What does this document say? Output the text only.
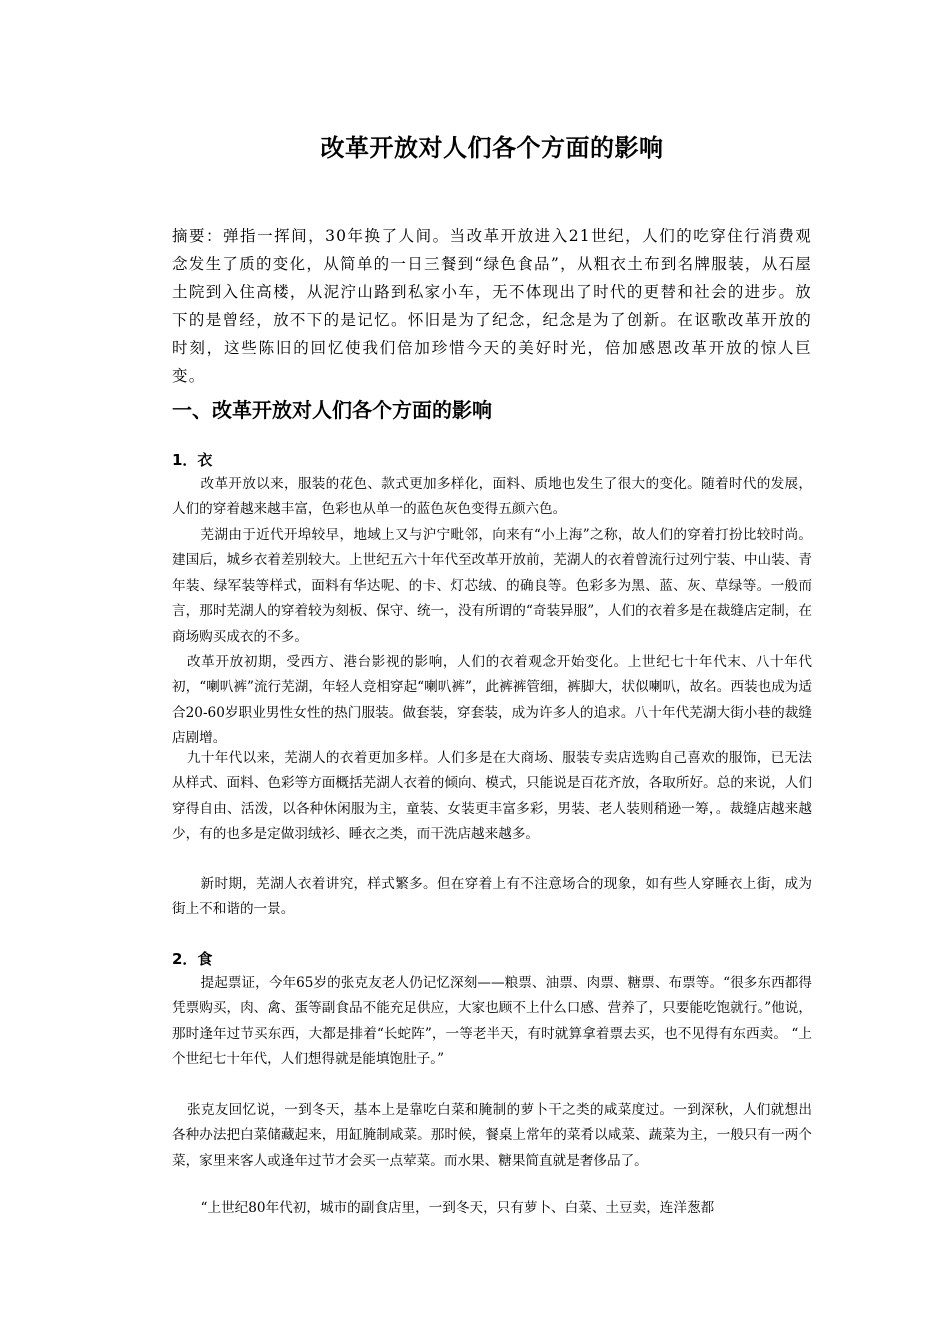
改革开放对人们各个方面的影响
摘要：弹指一挥间，30年换了人间。当改革开放进入21世纪，人们的吃穿住行消费观念发生了质的变化，从简单的一日三餐到“绿色食品”，从粗衣土布到名牌服装，从石屋土院到入住高楼，从泥泞山路到私家小车，无不体现出了时代的更替和社会的进步。放下的是曾经，放不下的是记忆。怀旧是为了纪念，纪念是为了创新。在讴歌改革开放的时刻，这些陈旧的回忆使我们倍加珍惜今天的美好时光，倍加感恩改革开放的惊人巨变。
一、改革开放对人们各个方面的影响
1．衣
改革开放以来，服装的花色、款式更加多样化，面料、质地也发生了很大的变化。随着时代的发展，人们的穿着越来越丰富，色彩也从单一的蓝色灰色变得五颜六色。
芜湖由于近代开埠较早，地域上又与沪宁毗邻，向来有“小上海”之称，故人们的穿着打扮比较时尚。建国后，城乡衣着差别较大。上世纪五六十年代至改革开放前，芜湖人的衣着曾流行过列宁装、中山装、青年装、绿军装等样式，面料有华达呢、的卡、灯芯绒、的确良等。色彩多为黑、蓝、灰、草绿等。一般而言，那时芜湖人的穿着较为刻板、保守、统一，没有所谓的“奇装异服”，人们的衣着多是在裁缝店定制，在商场购买成衣的不多。
改革开放初期，受西方、港台影视的影响，人们的衣着观念开始变化。上世纪七十年代末、八十年代初，“喇叭裤”流行芜湖，年轻人竞相穿起“喇叭裤”，此裤裤管细，裤脚大，状似喇叭，故名。西装也成为适合20-60岁职业男性女性的热门服装。做套装，穿套装，成为许多人的追求。八十年代芜湖大街小巷的裁缝店剧增。
九十年代以来，芜湖人的衣着更加多样。人们多是在大商场、服装专卖店选购自己喜欢的服饰，已无法从样式、面料、色彩等方面概括芜湖人衣着的倾向、模式，只能说是百花齐放，各取所好。总的来说，人们穿得自由、活泼，以各种休闲服为主，童装、女装更丰富多彩，男装、老人装则稍逊一筹，。裁缝店越来越少，有的也多是定做羽绒衫、睡衣之类，而干洗店越来越多。
新时期，芜湖人衣着讲究，样式繁多。但在穿着上有不注意场合的现象，如有些人穿睡衣上街，成为街上不和谐的一景。
2．食
提起票证，今年65岁的张克友老人仍记忆深刻——粮票、油票、肉票、糖票、布票等。“很多东西都得凭票购买，肉、禽、蛋等副食品不能充足供应，大家也顾不上什么口感、营养了，只要能吃饱就行。”他说，那时逢年过节买东西，大都是排着“长蛇阵”，一等老半天，有时就算拿着票去买，也不见得有东西卖。 “上个世纪七十年代，人们想得就是能填饱肚子。”
张克友回忆说，一到冬天，基本上是靠吃白菜和腌制的萝卜干之类的咸菜度过。一到深秋，人们就想出各种办法把白菜储藏起来，用缸腌制咸菜。那时候，餐桌上常年的菜肴以咸菜、蔬菜为主，一般只有一两个菜，家里来客人或逢年过节才会买一点荤菜。而水果、糖果简直就是奢侈品了。
“上世纪80年代初，城市的副食店里，一到冬天，只有萝卜、白菜、土豆卖，连洋葱都
